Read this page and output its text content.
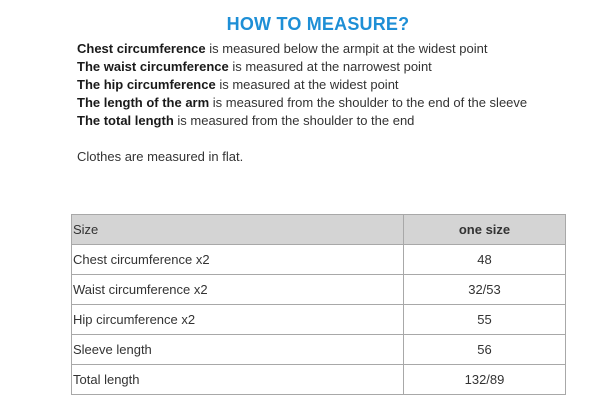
HOW TO MEASURE?
Chest circumference is measured below the armpit at the widest point
The waist circumference is measured at the narrowest point
The hip circumference is measured at the widest point
The length of the arm is measured from the shoulder to the end of the sleeve
The total length is measured from the shoulder to the end
Clothes are measured in flat.
Size	one size
Chest circumference x2	48
Waist circumference x2	32/53
Hip circumference x2	55
Sleeve length	56
Total length	132/89
